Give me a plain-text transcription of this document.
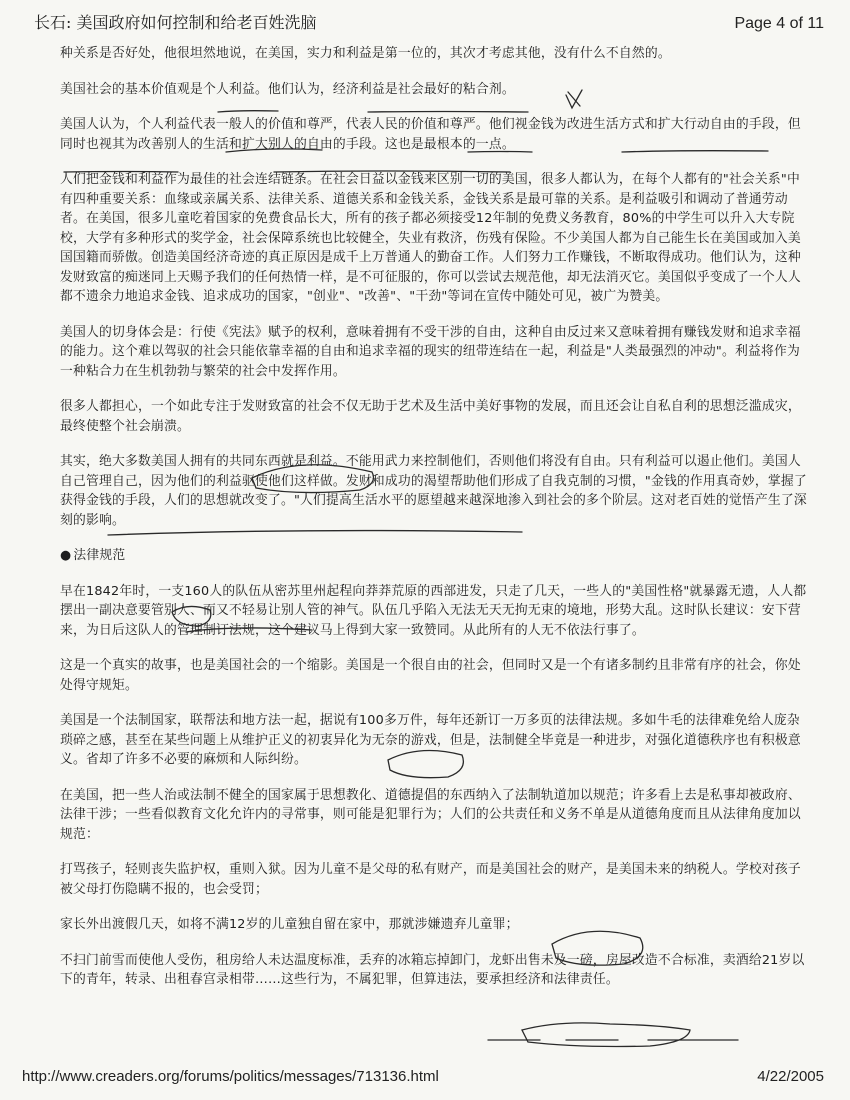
长石: 美国政府如何控制和给老百姓洗脑	Page 4 of 11

种关系是否好处，他很坦然地说，在美国，实力和利益是第一位的，其次才考虑其他，没有什么不自然的。

美国社会的基本价值观是个人利益。他们认为，经济利益是社会最好的粘合剂。

美国人认为，个人利益代表一般人的价值和尊严，代表人民的价值和尊严。他们视金钱为改进生活方式和扩大行动自由的手段，但同时也视其为改善别人的生活和扩大别人的自由的手段。这也是最根本的一点。

人们把金钱和利益作为最佳的社会连结链条。在社会日益以金钱来区别一切的美国，很多人都认为，在每个人都有的"社会关系"中有四种重要关系：血缘或亲属关系、法律关系、道德关系和金钱关系，金钱关系是最可靠的关系。是利益吸引和调动了普通劳动者。在美国，很多儿童吃着国家的免费食品长大，所有的孩子都必须接受12年制的免费义务教育，80%的中学生可以升入大专院校，大学有多种形式的奖学金，社会保障系统也比较健全，失业有救济，伤残有保险。不少美国人都为自己能生长在美国或加入美国国籍而骄傲。创造美国经济奇迹的真正原因是成千上万普通人的勤奋工作。人们努力工作赚钱，不断取得成功。他们认为，这种发财致富的痴迷同上天赐予我们的任何热情一样，是不可征服的，你可以尝试去规范他，却无法消灭它。美国似乎变成了一个人人都不遗余力地追求金钱、追求成功的国家，"创业"、"改善"、"干劲"等词在宣传中随处可见，被广为赞美。

美国人的切身体会是：行使《宪法》赋予的权利，意味着拥有不受干涉的自由，这种自由反过来又意味着拥有赚钱发财和追求幸福的能力。这个难以驾驭的社会只能依靠幸福的自由和追求幸福的现实的纽带连结在一起，利益是"人类最强烈的冲动"。利益将作为一种粘合力在生机勃勃与繁荣的社会中发挥作用。

很多人都担心，一个如此专注于发财致富的社会不仅无助于艺术及生活中美好事物的发展，而且还会让自私自利的思想泛滥成灾，最终使整个社会崩溃。

其实，绝大多数美国人拥有的共同东西就是利益。不能用武力来控制他们，否则他们将没有自由。只有利益可以遏止他们。美国人自己管理自己，因为他们的利益驱使他们这样做。发财和成功的渴望帮助他们形成了自我克制的习惯，"金钱的作用真奇妙，掌握了获得金钱的手段，人们的思想就改变了。"人们提高生活水平的愿望越来越深地渗入到社会的多个阶层。这对老百姓的觉悟产生了深刻的影响。

● 法律规范

早在1842年时，一支160人的队伍从密苏里州起程向莽莽荒原的西部进发，只走了几天，一些人的"美国性格"就暴露无遗，人人都摆出一副决意要管别人、而又不轻易让别人管的神气。队伍几乎陷入无法无天无拘无束的境地，形势大乱。这时队长建议：安下营来，为日后这队人的管理制订法规，这个建议马上得到大家一致赞同。从此所有的人无不依法行事了。

这是一个真实的故事，也是美国社会的一个缩影。美国是一个很自由的社会，但同时又是一个有诸多制约且非常有序的社会，你处处得守规矩。

美国是一个法制国家，联帮法和地方法一起，据说有100多万件，每年还新订一万多页的法律法规。多如牛毛的法律难免给人庞杂琐碎之感，甚至在某些问题上从维护正义的初衷异化为无奈的游戏，但是，法制健全毕竟是一种进步，对强化道德秩序也有积极意义。省却了许多不必要的麻烦和人际纠纷。

在美国，把一些人治或法制不健全的国家属于思想教化、道德提倡的东西纳入了法制轨道加以规范；许多看上去是私事却被政府、法律干涉；一些看似教育文化允许内的寻常事，则可能是犯罪行为；人们的公共责任和义务不单是从道德角度而且从法律角度加以规范：

打骂孩子，轻则丧失监护权，重则入狱。因为儿童不是父母的私有财产，而是美国社会的财产，是美国未来的纳税人。学校对孩子被父母打伤隐瞒不报的，也会受罚；

家长外出渡假几天，如将不满12岁的儿童独自留在家中，那就涉嫌遗弃儿童罪；

不扫门前雪而使他人受伤，租房给人未达温度标准，丢弃的冰箱忘掉卸门，龙虾出售未及一磅，房屋改造不合标准，卖酒给21岁以下的青年，转录、出租春宫录相带……这些行为，不属犯罪，但算违法，要承担经济和法律责任。

http://www.creaders.org/forums/politics/messages/713136.html	4/22/2005
